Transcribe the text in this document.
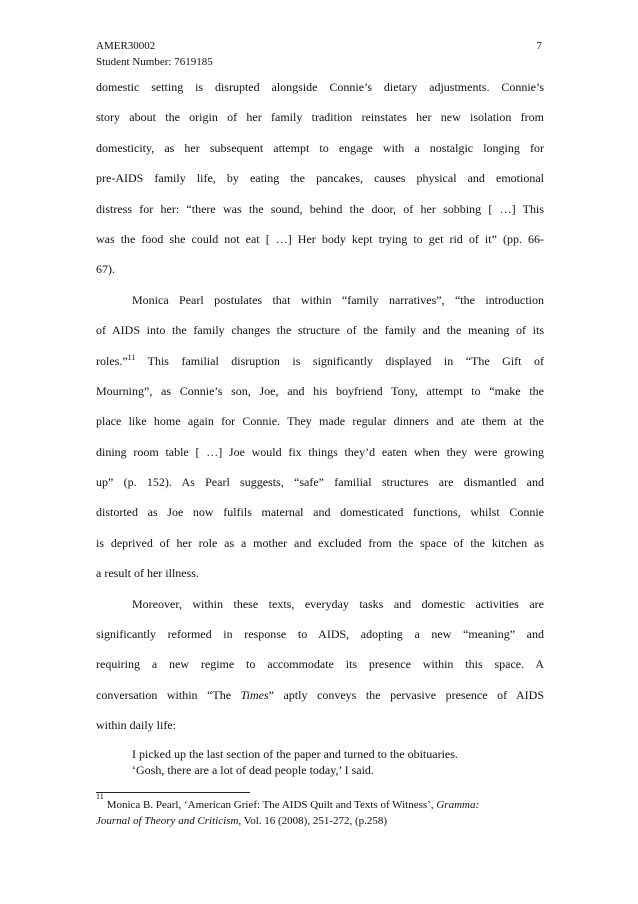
AMER30002
Student Number: 7619185
7
domestic setting is disrupted alongside Connie’s dietary adjustments. Connie’s
story about the origin of her family tradition reinstates her new isolation from
domesticity, as her subsequent attempt to engage with a nostalgic longing for
pre-AIDS family life, by eating the pancakes, causes physical and emotional
distress for her: “there was the sound, behind the door, of her sobbing [ …] This
was the food she could not eat [ …] Her body kept trying to get rid of it” (pp. 66-
67).
Monica Pearl postulates that within “family narratives”, “the introduction
of AIDS into the family changes the structure of the family and the meaning of its
roles.”$^{11}$ This familial disruption is significantly displayed in “The Gift of
Mourning”, as Connie’s son, Joe, and his boyfriend Tony, attempt to “make the
place like home again for Connie. They made regular dinners and ate them at the
dining room table [ …] Joe would fix things they’d eaten when they were growing
up” (p. 152). As Pearl suggests, “safe” familial structures are dismantled and
distorted as Joe now fulfils maternal and domesticated functions, whilst Connie
is deprived of her role as a mother and excluded from the space of the kitchen as
a result of her illness.
Moreover, within these texts, everyday tasks and domestic activities are
significantly reformed in response to AIDS, adopting a new “meaning” and
requiring a new regime to accommodate its presence within this space. A
conversation within “The Times” aptly conveys the pervasive presence of AIDS
within daily life:
I picked up the last section of the paper and turned to the obituaries.
‘Gosh, there are a lot of dead people today,’ I said.
$^{11}$Monica B. Pearl, ‘American Grief: The AIDS Quilt and Texts of Witness’, Gramma:
Journal of Theory and Criticism, Vol. 16 (2008), 251-272, (p.258)
